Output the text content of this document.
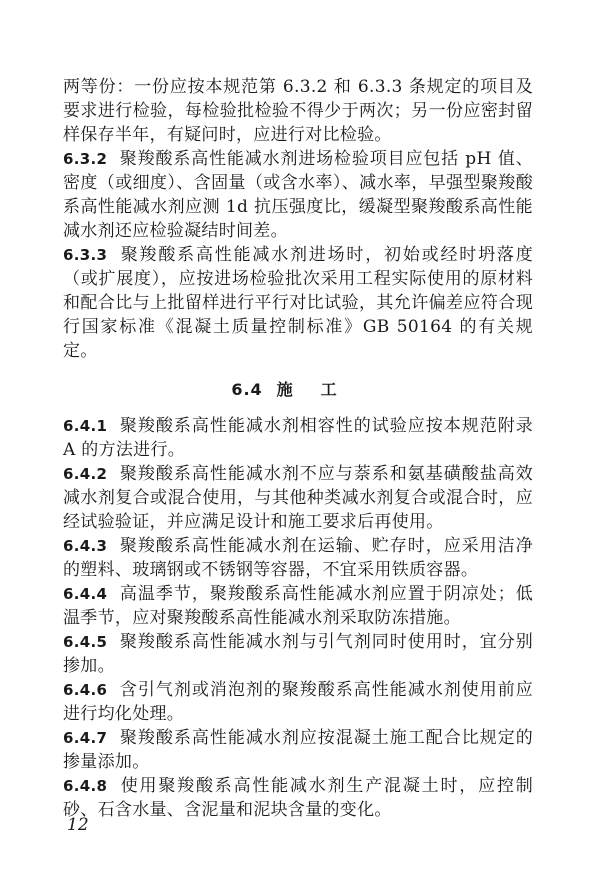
两等份：一份应按本规范第 6.3.2 和 6.3.3 条规定的项目及要求进行检验，每检验批检验不得少于两次；另一份应密封留样保存半年，有疑问时，应进行对比检验。

6.3.2 聚羧酸系高性能减水剂进场检验项目应包括 pH 值、密度（或细度）、含固量（或含水率）、减水率，早强型聚羧酸系高性能减水剂应测 1d 抗压强度比，缓凝型聚羧酸系高性能减水剂还应检验凝结时间差。

6.3.3 聚羧酸系高性能减水剂进场时，初始或经时坍落度（或扩展度），应按进场检验批次采用工程实际使用的原材料和配合比与上批留样进行平行对比试验，其允许偏差应符合现行国家标准《混凝土质量控制标准》GB 50164 的有关规定。

6.4 施工

6.4.1 聚羧酸系高性能减水剂相容性的试验应按本规范附录 A 的方法进行。

6.4.2 聚羧酸系高性能减水剂不应与萘系和氨基磺酸盐高效减水剂复合或混合使用，与其他种类减水剂复合或混合时，应经试验验证，并应满足设计和施工要求后再使用。

6.4.3 聚羧酸系高性能减水剂在运输、贮存时，应采用洁净的塑料、玻璃钢或不锈钢等容器，不宜采用铁质容器。

6.4.4 高温季节，聚羧酸系高性能减水剂应置于阴凉处；低温季节，应对聚羧酸系高性能减水剂采取防冻措施。

6.4.5 聚羧酸系高性能减水剂与引气剂同时使用时，宜分别掺加。

6.4.6 含引气剂或消泡剂的聚羧酸系高性能减水剂使用前应进行均化处理。

6.4.7 聚羧酸系高性能减水剂应按混凝土施工配合比规定的掺量添加。

6.4.8 使用聚羧酸系高性能减水剂生产混凝土时，应控制砂、石含水量、含泥量和泥块含量的变化。

12
